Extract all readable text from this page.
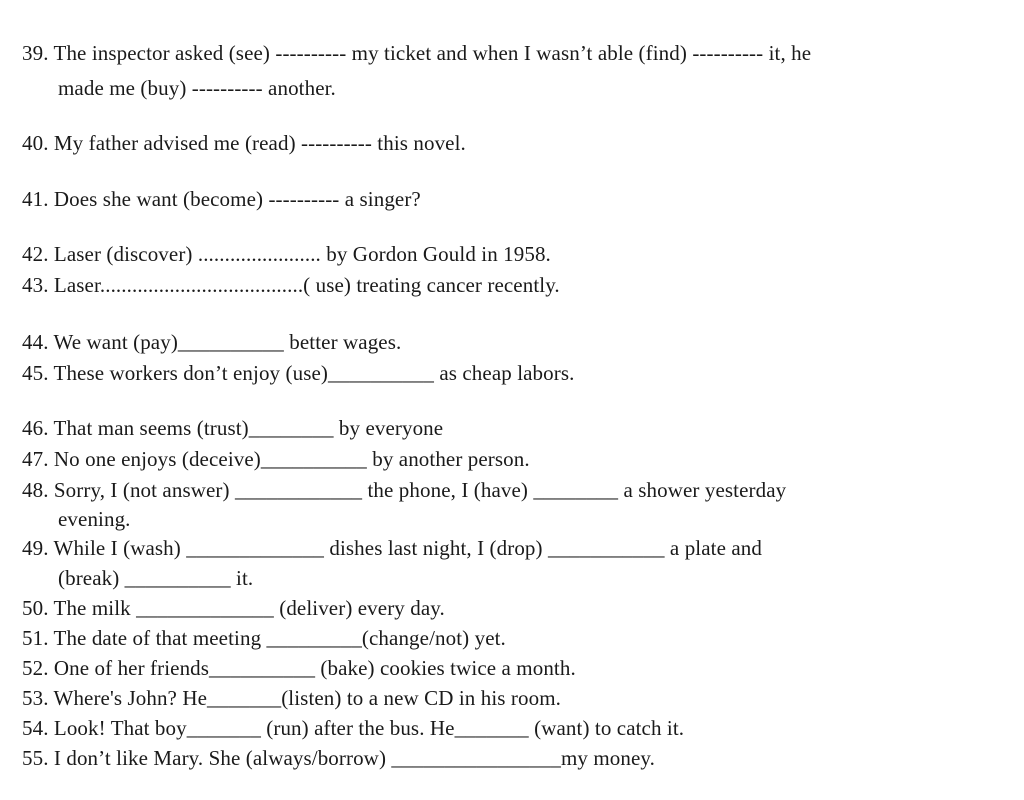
39. The inspector asked (see) ---------- my ticket and when I wasn’t able (find) ---------- it, he
made me (buy) ---------- another.
40. My father advised me (read) ---------- this novel.
41. Does she want (become) ---------- a singer?
42. Laser (discover) ....................... by Gordon Gould in 1958.
43. Laser......................................( use) treating cancer recently.
44. We want (pay)__________ better wages.
45. These workers don’t enjoy (use)__________ as cheap labors.
46. That man seems (trust)________ by everyone
47. No one enjoys (deceive)__________ by another person.
48. Sorry, I (not answer) ____________ the phone, I (have) ________ a shower yesterday
evening.
49. While I (wash) _____________ dishes last night, I (drop) ___________ a plate and
(break) __________ it.
50. The milk _____________ (deliver) every day.
51. The date of that meeting _________(change/not) yet.
52. One of her friends__________ (bake) cookies twice a month.
53. Where's John? He_______(listen) to a new CD in his room.
54. Look! That boy_______ (run) after the bus. He_______ (want) to catch it.
55. I don’t like Mary. She (always/borrow) ________________my money.
